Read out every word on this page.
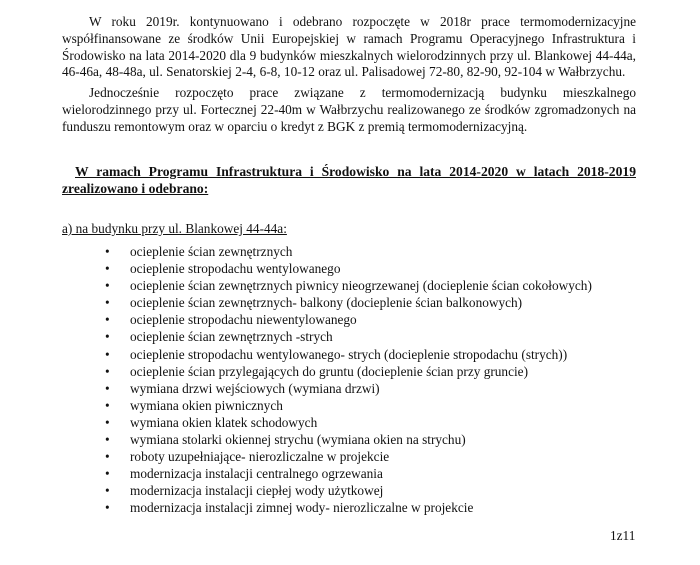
W roku 2019r. kontynuowano i odebrano rozpoczęte w 2018r prace termomodernizacyjne współfinansowane ze środków Unii Europejskiej w ramach Programu Operacyjnego Infrastruktura i Środowisko na lata 2014-2020 dla 9 budynków mieszkalnych wielorodzinnych przy ul. Blankowej 44-44a, 46-46a, 48-48a, ul. Senatorskiej 2-4, 6-8, 10-12 oraz ul. Palisadowej 72-80, 82-90, 92-104 w Wałbrzychu.

Jednocześnie rozpoczęto prace związane z termomodernizacją budynku mieszkalnego wielorodzinnego przy ul. Fortecznej 22-40m w Wałbrzychu realizowanego ze środków zgromadzonych na funduszu remontowym oraz w oparciu o kredyt z BGK z premią termomodernizacyjną.

W ramach Programu Infrastruktura i Środowisko na lata 2014-2020 w latach 2018-2019 zrealizowano i odebrano:
a) na budynku przy ul. Blankowej 44-44a:
• ocieplenie ścian zewnętrznych
• ocieplenie stropodachu wentylowanego
• ocieplenie ścian zewnętrznych piwnicy nieogrzewanej (docieplenie ścian cokołowych)
• ocieplenie ścian zewnętrznych- balkony (docieplenie ścian balkonowych)
• ocieplenie stropodachu niewentylowanego
• ocieplenie ścian zewnętrznych -strych
• ocieplenie stropodachu wentylowanego- strych (docieplenie stropodachu (strych))
• ocieplenie ścian przylegających do gruntu (docieplenie ścian przy gruncie)
• wymiana drzwi wejściowych (wymiana drzwi)
• wymiana okien piwnicznych
• wymiana okien klatek schodowych
• wymiana stolarki okiennej strychu (wymiana okien na strychu)
• roboty uzupełniające- nierozliczalne w projekcie
• modernizacja instalacji centralnego ogrzewania
• modernizacja instalacji ciepłej wody użytkowej
• modernizacja instalacji zimnej wody- nierozliczalne w projekcie
1z11
